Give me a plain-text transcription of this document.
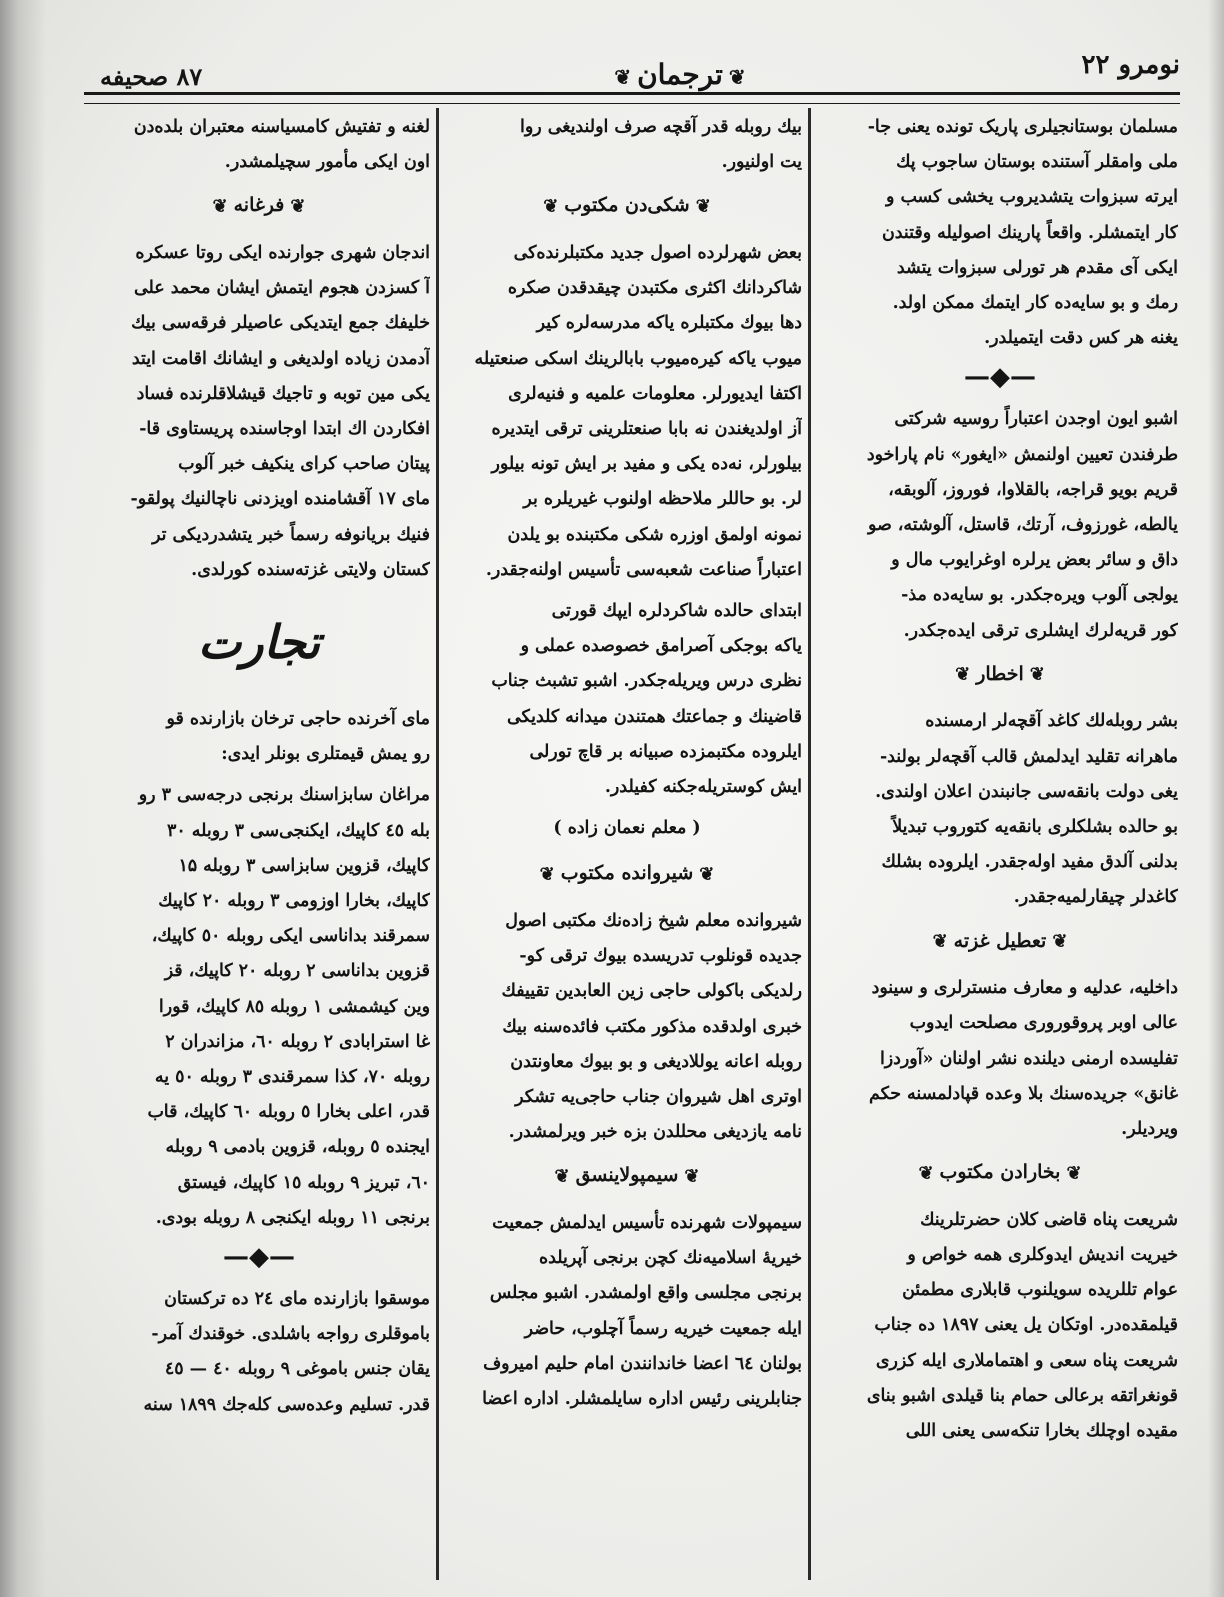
۸۷ صحیفه	❦ترجمان❦	نومرو ۲۲

مسلمان بوستانجیلری پاریک تونده یعنی جا-
ملی وامقلر آستنده بوستان ساجوب پك
ایرته سبزوات یتشدیروب یخشی کسب و
کار ایتمشلر. واقعاً پارینك اصولیله وقتندن
ایکی آی مقدم هر تورلی سبزوات یتشد
رمك و بو سایه‌ده کار ایتمك ممکن اولد.
یغنه هر کس دقت ایتمیلدر.

—◆—

اشبو ایون اوجدن اعتباراً روسیه شرکتی
طرفندن تعیین اولنمش «ایغور» نام پاراخود
قریم بویو قراجه، بالقلاوا، فوروز، آلوبقه،
یالطه، غورزوف، آرتك، قاستل، آلوشته، صو
داق و سائر بعض یرلره اوغرایوب مال و
یولجی آلوب ویره‌جکدر. بو سایه‌ده مذ-
کور قریه‌لرك ایشلری ترقی ایده‌جکدر.

❦اخطار❦

بشر روبله‌لك کاغد آقچه‌لر ارمسنده
ماهرانه تقلید ایدلمش قالب آقچه‌لر بولند-
یغی دولت بانقه‌سی جانبندن اعلان اولندی.
بو حالده بشلکلری بانقه‌یه کتوروب تبدیلاً
بدلنی آلدق مفید اوله‌جقدر. ایلروده بشلك
کاغدلر چیقارلمیه‌جقدر.

❦تعطیل غزته❦

داخلیه، عدلیه و معارف منسترلری و سینود
عالی اوبر پروقوروری مصلحت ایدوب
تفلیسده ارمنی دیلنده نشر اولنان «آوردزا
غانق» جریده‌سنك بلا وعده قپادلمسنه حکم
ویردیلر.

❦بخارادن مکتوب❦

شریعت پناه قاضی کلان حضرتلرینك
خیریت اندیش ایدوکلری همه خواص و
عوام تللریده سویلنوب قابلاری مطمئن
قیلمقده‌در. اوتکان یل یعنی ۱۸۹۷ ده جناب
شریعت پناه سعی و اهتماملاری ایله کزری
قونغراتقه برعالی حمام بنا قیلدی اشبو بنای
مقیده اوچلك بخارا تنکه‌سی یعنی اللی

بیك روبله قدر آقچه صرف اولندیغی روا
یت اولنیور.

❦شکی‌دن مکتوب❦

بعض شهرلرده اصول جدید مکتبلرنده‌کی
شاکردانك اکثری مکتبدن چیقدقدن صکره
دها بیوك مکتبلره یاکه مدرسه‌لره کیر
میوب یاکه کیره‌میوب بابالرینك اسکی صنعتیله
اکتفا ایدیورلر. معلومات علمیه و فنیه‌لری
آز اولدیغندن نه بابا صنعتلرینی ترقی ایتدیره
بیلورلر، نه‌ده یکی و مفید بر ایش تونه بیلور
لر. بو حاللر ملاحظه اولنوب غیریلره بر
نمونه اولمق اوزره شکی مکتبنده بو یلدن
اعتباراً صناعت شعبه‌سی تأسیس اولنه‌جقدر.

ابتدای حالده شاکردلره ایپك قورتی
یاکه بوجکی آصرامق خصوصده عملی و
نظری درس ویریله‌جکدر. اشبو تشبث جناب
قاضینك و جماعتك همتندن میدانه کلدیکی
ایلروده مکتبمزده صبیانه بر قاچ تورلی
ایش کوستریله‌جکنه کفیلدر.

( معلم نعمان زاده )
❦شیروانده مکتوب❦

شیروانده معلم شیخ زاده‌نك مکتبی اصول
جدیده قونلوب تدریسده بیوك ترقی کو-
رلدیکی باکولی حاجی زین العابدین تقییفك
خبری اولدقده مذکور مکتب فائده‌سنه بیك
روبله اعانه یوللادیغی و بو بیوك معاونتدن
اوتری اهل شیروان جناب حاجی‌یه تشکر
نامه یازدیغی محللدن بزه خبر ویرلمشدر.

❦سیمپولاینسق❦

سیمپولات شهرنده تأسیس ایدلمش جمعیت
خیریهٔ اسلامیه‌نك کچن برنجی آپریلده
برنجی مجلسی واقع اولمشدر. اشبو مجلس
ایله جمعیت خیریه رسماً آچلوب، حاضر
بولنان ٦٤ اعضا خاندانندن امام حلیم امیروف
جنابلرینی رئیس اداره سایلمشلر. اداره اعضا

لغنه و تفتیش کامسیاسنه معتبران بلده‌دن
اون ایکی مأمور سچیلمشدر.

❦فرغانه❦

اندجان شهری جوارنده ایکی روتا عسکره
آ کسزدن هجوم ایتمش ایشان محمد علی
خلیفك جمع ایتدیکی عاصیلر فرقه‌سی بیك
آدمدن زیاده اولدیغی و ایشانك اقامت ایتد
یکی مین توبه و تاجیك قیشلاقلرنده فساد
افکاردن اك ابتدا اوجاسنده پریستاوی قا-
پیتان صاحب کرای ینکیف خبر آلوب
مای ۱۷ آقشامنده اویزدنی ناچالنیك پولقو-
فنیك بریانوفه رسماً خبر یتشدردیکی تر
کستان ولایتی غزته‌سنده کورلدی.

تجارت

مای آخرنده حاجی ترخان بازارنده قو
رو یمش قیمتلری بونلر ایدی:

مراغان سابزاسنك برنجی درجه‌سی ۳ رو
بله ٤٥ کاپیك، ایکنجی‌سی ۳ روبله ۳۰
کاپیك، قزوین سابزاسی ۳ روبله ۱۵
کاپیك، بخارا اوزومی ۳ روبله ۲۰ کاپیك
سمرقند بداناسی ایکی روبله ٥۰ کاپیك،
قزوین بداناسی ۲ روبله ۲۰ کاپیك، قز
وین کیشمشی ۱ روبله ۸٥ کاپیك، قورا
غا استرابادی ۲ روبله ٦۰، مزاندران ۲
روبله ۷۰، کذا سمرقندی ۳ روبله ٥۰ یه
قدر، اعلی بخارا ٥ روبله ٦۰ کاپیك، قاب
ایجنده ٥ روبله، قزوین بادمی ۹ روبله
٦۰، تبریز ۹ روبله ۱٥ کاپیك، فیستق
برنجی ۱۱ روبله ایکنجی ۸ روبله بودی.

—◆—

موسقوا بازارنده مای ۲٤ ده ترکستان
باموقلری رواجه باشلدی. خوقندك آمر-
یقان جنس باموغی ۹ روبله ٤۰ — ٤٥
قدر. تسلیم وعده‌سی کله‌جك ۱۸۹۹ سنه
